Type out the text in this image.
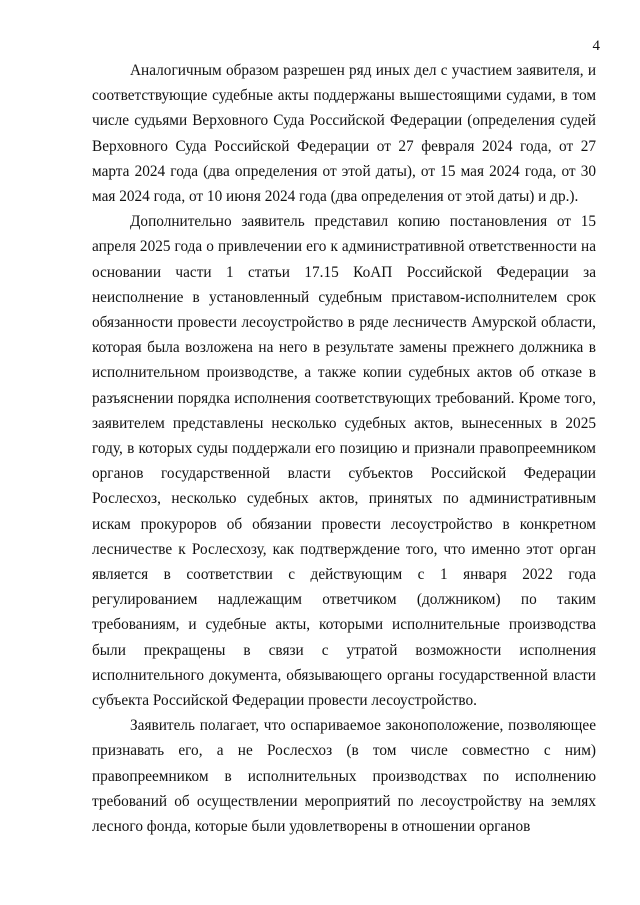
4

Аналогичным образом разрешен ряд иных дел с участием заявителя, и соответствующие судебные акты поддержаны вышестоящими судами, в том числе судьями Верховного Суда Российской Федерации (определения судей Верховного Суда Российской Федерации от 27 февраля 2024 года, от 27 марта 2024 года (два определения от этой даты), от 15 мая 2024 года, от 30 мая 2024 года, от 10 июня 2024 года (два определения от этой даты) и др.).

Дополнительно заявитель представил копию постановления от 15 апреля 2025 года о привлечении его к административной ответственности на основании части 1 статьи 17.15 КоАП Российской Федерации за неисполнение в установленный судебным приставом-исполнителем срок обязанности провести лесоустройство в ряде лесничеств Амурской области, которая была возложена на него в результате замены прежнего должника в исполнительном производстве, а также копии судебных актов об отказе в разъяснении порядка исполнения соответствующих требований. Кроме того, заявителем представлены несколько судебных актов, вынесенных в 2025 году, в которых суды поддержали его позицию и признали правопреемником органов государственной власти субъектов Российской Федерации Рослесхоз, несколько судебных актов, принятых по административным искам прокуроров об обязании провести лесоустройство в конкретном лесничестве к Рослесхозу, как подтверждение того, что именно этот орган является в соответствии с действующим с 1 января 2022 года регулированием надлежащим ответчиком (должником) по таким требованиям, и судебные акты, которыми исполнительные производства были прекращены в связи с утратой возможности исполнения исполнительного документа, обязывающего органы государственной власти субъекта Российской Федерации провести лесоустройство.

Заявитель полагает, что оспариваемое законоположение, позволяющее признавать его, а не Рослесхоз (в том числе совместно с ним) правопреемником в исполнительных производствах по исполнению требований об осуществлении мероприятий по лесоустройству на землях лесного фонда, которые были удовлетворены в отношении органов
